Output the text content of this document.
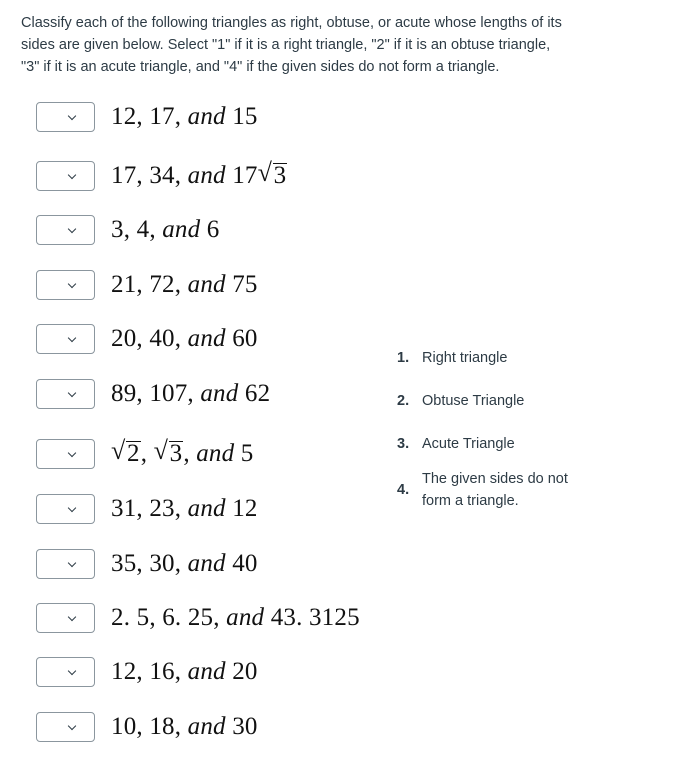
Classify each of the following triangles as right, obtuse, or acute whose lengths of its
sides are given below. Select "1" if it is a right triangle, "2" if it is an obtuse triangle,
"3" if it is an acute triangle, and "4" if the given sides do not form a triangle.
12, 17, and 15
17, 34, and 17 √ 3
3, 4, and 6
21, 72, and 75
20, 40, and 60
89, 107, and 62
√ 2, √ 3, and 5
31, 23, and 12
35, 30, and 40
2. 5, 6. 25, and 43. 3125
12, 16, and 20
10, 18, and 30
1. Right triangle
2. Obtuse Triangle
3. Acute Triangle
4.
The given sides do not form a triangle.
